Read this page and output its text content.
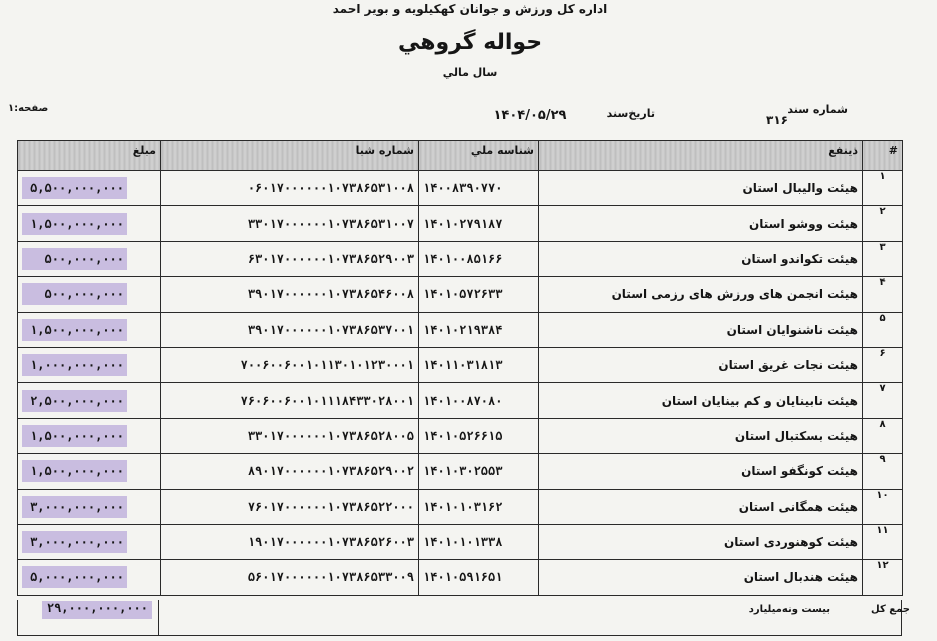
اداره کل ورزش و جوانان کهکیلویه و بویر احمد
حواله گروهي
سال مالي
صفحه:۱	۱۴۰۴/۰۵/۲۹	تاریخ‌سند	شماره سند
۳۱۶
مبلغ	شماره شبا	شناسه ملي	ذینفع	#
۵,۵۰۰,۰۰۰,۰۰۰	۰۶۰۱۷۰۰۰۰۰۰۱۰۷۳۸۶۵۳۱۰۰۸	۱۴۰۰۸۳۹۰۷۷۰	هيئت واليبال استان	۱
۱,۵۰۰,۰۰۰,۰۰۰	۳۳۰۱۷۰۰۰۰۰۰۱۰۷۳۸۶۵۳۱۰۰۷	۱۴۰۱۰۲۷۹۱۸۷	هيئت ووشو استان	۲
۵۰۰,۰۰۰,۰۰۰	۶۳۰۱۷۰۰۰۰۰۰۱۰۷۳۸۶۵۲۹۰۰۳	۱۴۰۱۰۰۸۵۱۶۶	هيئت تكواندو استان	۳
۵۰۰,۰۰۰,۰۰۰	۳۹۰۱۷۰۰۰۰۰۰۱۰۷۳۸۶۵۴۶۰۰۸	۱۴۰۱۰۵۷۲۶۳۳	هيئت انجمن هاى ورزش هاى رزمى استان	۴
۱,۵۰۰,۰۰۰,۰۰۰	۳۹۰۱۷۰۰۰۰۰۰۱۰۷۳۸۶۵۳۷۰۰۱	۱۴۰۱۰۲۱۹۳۸۴	هيئت ناشنوايان استان	۵
۱,۰۰۰,۰۰۰,۰۰۰	۷۰۰۶۰۰۶۰۰۱۰۱۱۳۰۱۰۱۲۳۰۰۰۱	۱۴۰۱۱۰۳۱۸۱۳	هيئت نجات غريق استان	۶
۲,۵۰۰,۰۰۰,۰۰۰	۷۶۰۶۰۰۶۰۰۱۰۱۱۱۸۴۳۳۰۲۸۰۰۱	۱۴۰۱۰۰۸۷۰۸۰	هيئت نابينايان و كم بينايان استان	۷
۱,۵۰۰,۰۰۰,۰۰۰	۳۳۰۱۷۰۰۰۰۰۰۱۰۷۳۸۶۵۲۸۰۰۵	۱۴۰۱۰۵۲۶۶۱۵	هيئت بسكتبال استان	۸
۱,۵۰۰,۰۰۰,۰۰۰	۸۹۰۱۷۰۰۰۰۰۰۱۰۷۳۸۶۵۲۹۰۰۲	۱۴۰۱۰۳۰۲۵۵۳	هيئت كونگفو استان	۹
۳,۰۰۰,۰۰۰,۰۰۰	۷۶۰۱۷۰۰۰۰۰۰۱۰۷۳۸۶۵۲۲۰۰۰	۱۴۰۱۰۱۰۳۱۶۲	هيئت همگانى استان	۱۰
۳,۰۰۰,۰۰۰,۰۰۰	۱۹۰۱۷۰۰۰۰۰۰۱۰۷۳۸۶۵۲۶۰۰۳	۱۴۰۱۰۱۰۱۳۳۸	هيئت كوهنوردى استان	۱۱
۵,۰۰۰,۰۰۰,۰۰۰	۵۶۰۱۷۰۰۰۰۰۰۱۰۷۳۸۶۵۳۳۰۰۹	۱۴۰۱۰۵۹۱۶۵۱	هيئت هندبال استان	۱۲
۲۹,۰۰۰,۰۰۰,۰۰۰	بيست ونه‌ميليارد	جمع کل
